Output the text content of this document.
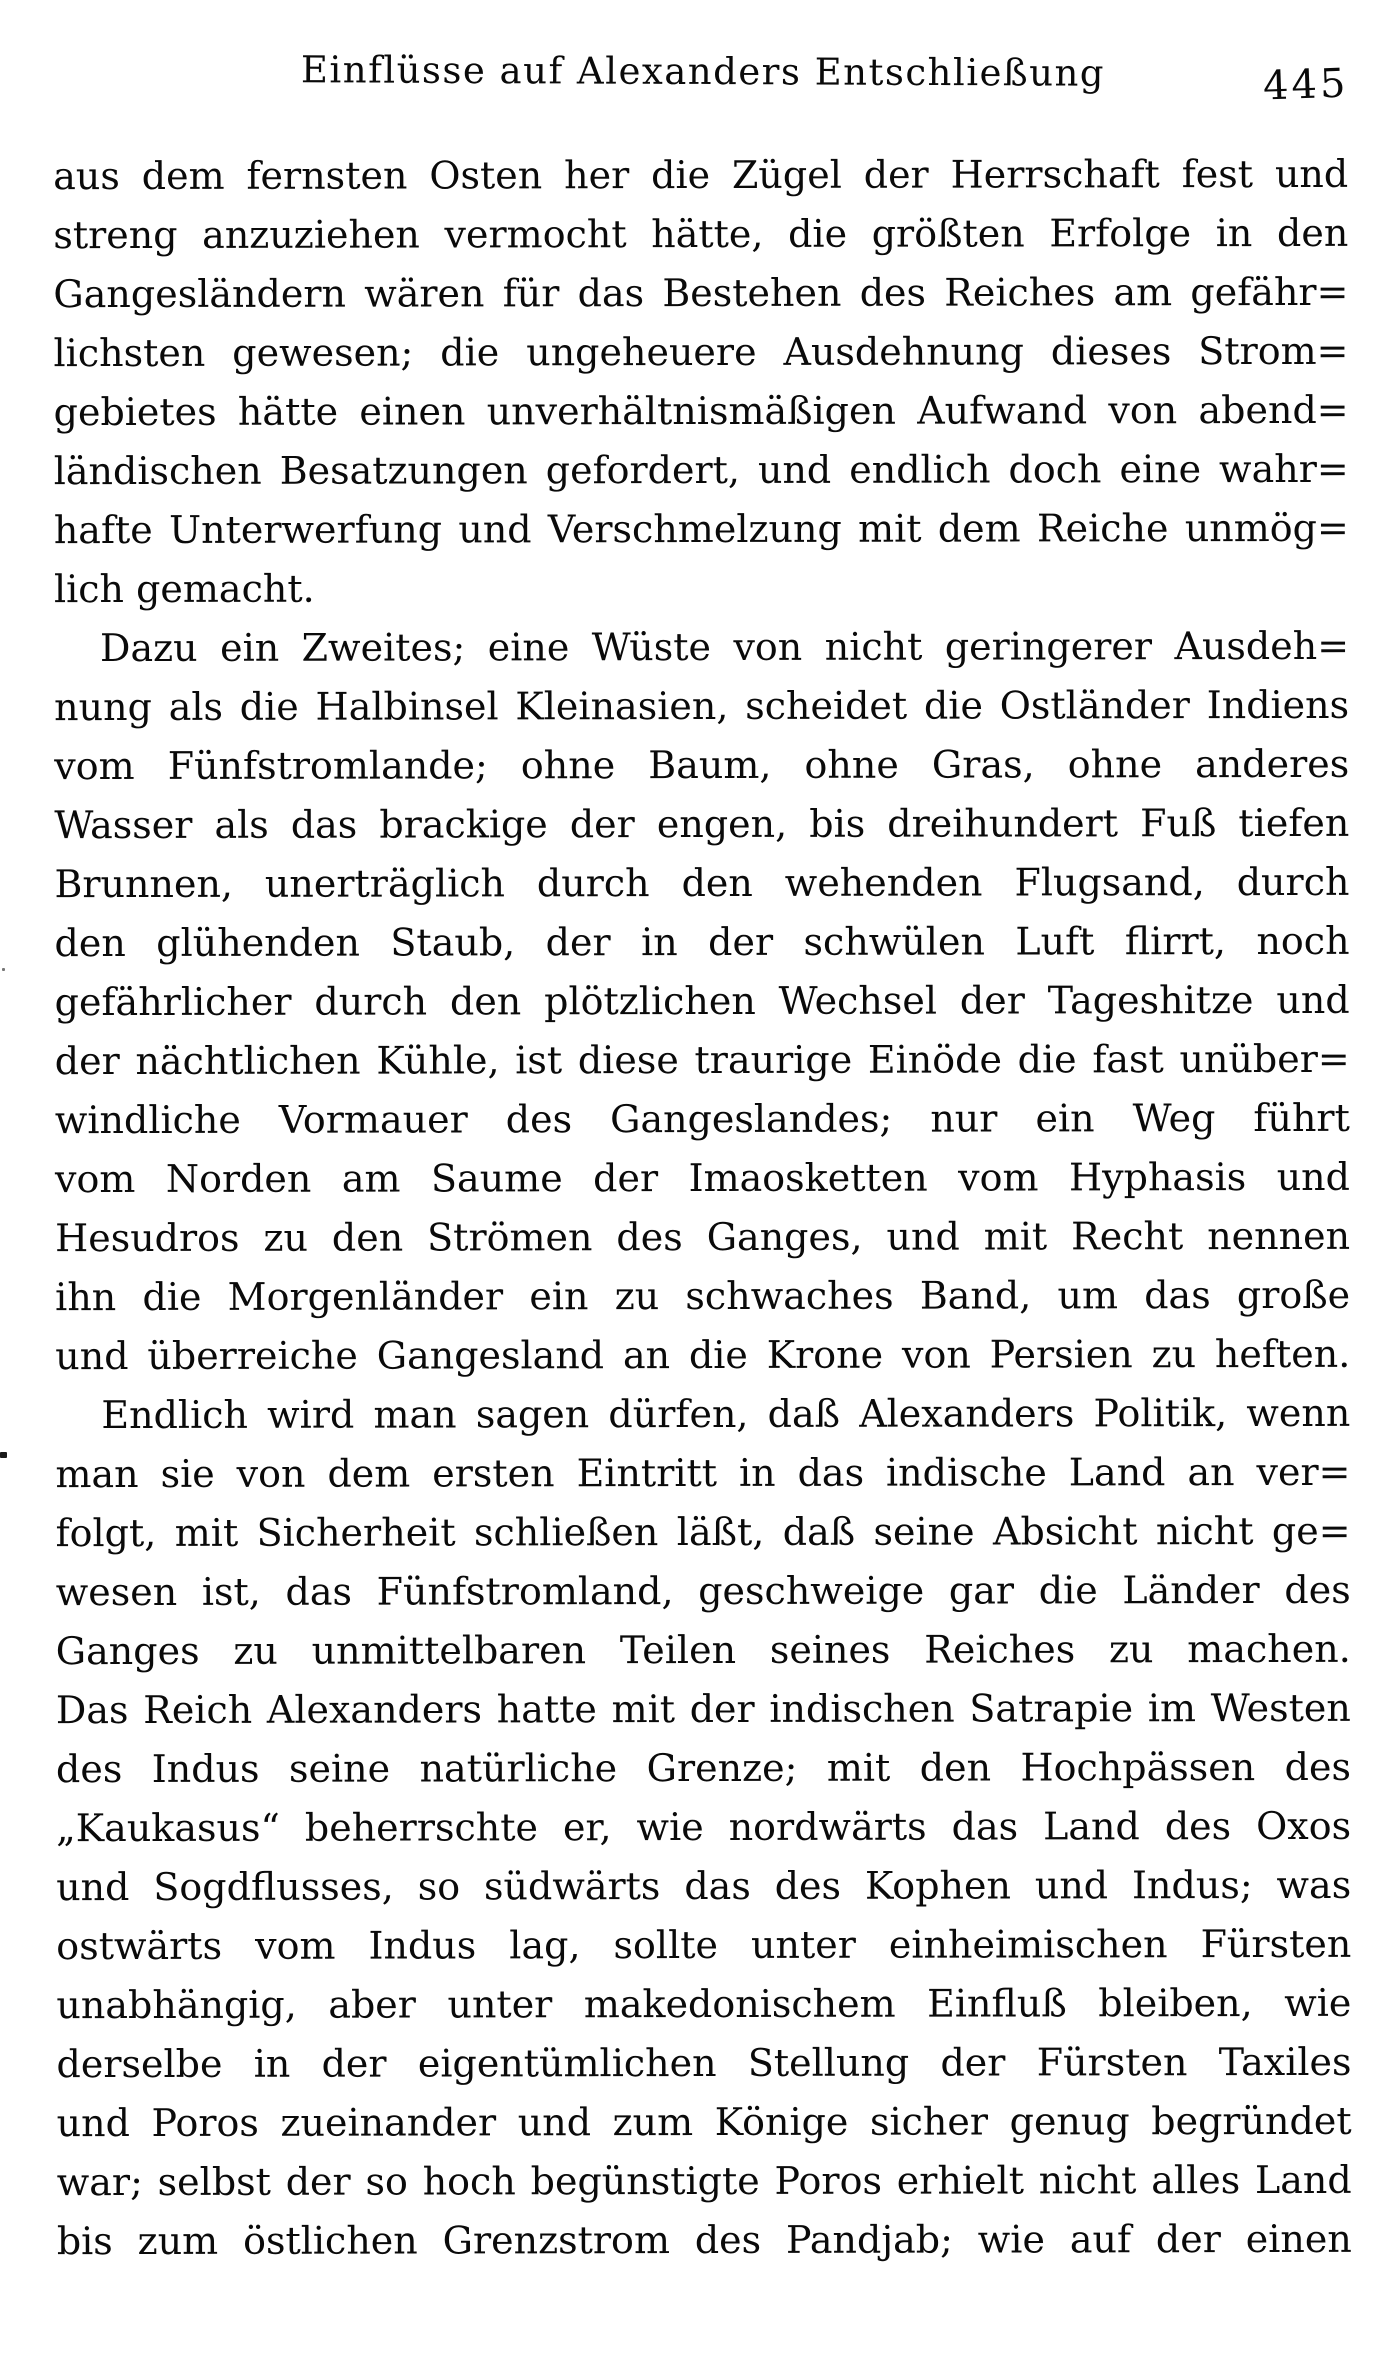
Einflüsse auf Alexanders Entschließung	445
aus dem fernsten Osten her die Zügel der Herrschaft fest und
streng anzuziehen vermocht hätte, die größten Erfolge in den
Gangesländern wären für das Bestehen des Reiches am gefähr=
lichsten gewesen; die ungeheuere Ausdehnung dieses Strom=
gebietes hätte einen unverhältnismäßigen Aufwand von abend=
ländischen Besatzungen gefordert, und endlich doch eine wahr=
hafte Unterwerfung und Verschmelzung mit dem Reiche unmög=
lich gemacht.
Dazu ein Zweites; eine Wüste von nicht geringerer Ausdeh=
nung als die Halbinsel Kleinasien, scheidet die Ostländer Indiens
vom Fünfstromlande; ohne Baum, ohne Gras, ohne anderes
Wasser als das brackige der engen, bis dreihundert Fuß tiefen
Brunnen, unerträglich durch den wehenden Flugsand, durch
den glühenden Staub, der in der schwülen Luft flirrt, noch
gefährlicher durch den plötzlichen Wechsel der Tageshitze und
der nächtlichen Kühle, ist diese traurige Einöde die fast unüber=
windliche Vormauer des Gangeslandes; nur ein Weg führt
vom Norden am Saume der Imaosketten vom Hyphasis und
Hesudros zu den Strömen des Ganges, und mit Recht nennen
ihn die Morgenländer ein zu schwaches Band, um das große
und überreiche Gangesland an die Krone von Persien zu heften.
Endlich wird man sagen dürfen, daß Alexanders Politik, wenn
man sie von dem ersten Eintritt in das indische Land an ver=
folgt, mit Sicherheit schließen läßt, daß seine Absicht nicht ge=
wesen ist, das Fünfstromland, geschweige gar die Länder des
Ganges zu unmittelbaren Teilen seines Reiches zu machen.
Das Reich Alexanders hatte mit der indischen Satrapie im Westen
des Indus seine natürliche Grenze; mit den Hochpässen des
„Kaukasus“ beherrschte er, wie nordwärts das Land des Oxos
und Sogdflusses, so südwärts das des Kophen und Indus; was
ostwärts vom Indus lag, sollte unter einheimischen Fürsten
unabhängig, aber unter makedonischem Einfluß bleiben, wie
derselbe in der eigentümlichen Stellung der Fürsten Taxiles
und Poros zueinander und zum Könige sicher genug begründet
war; selbst der so hoch begünstigte Poros erhielt nicht alles Land
bis zum östlichen Grenzstrom des Pandjab; wie auf der einen
